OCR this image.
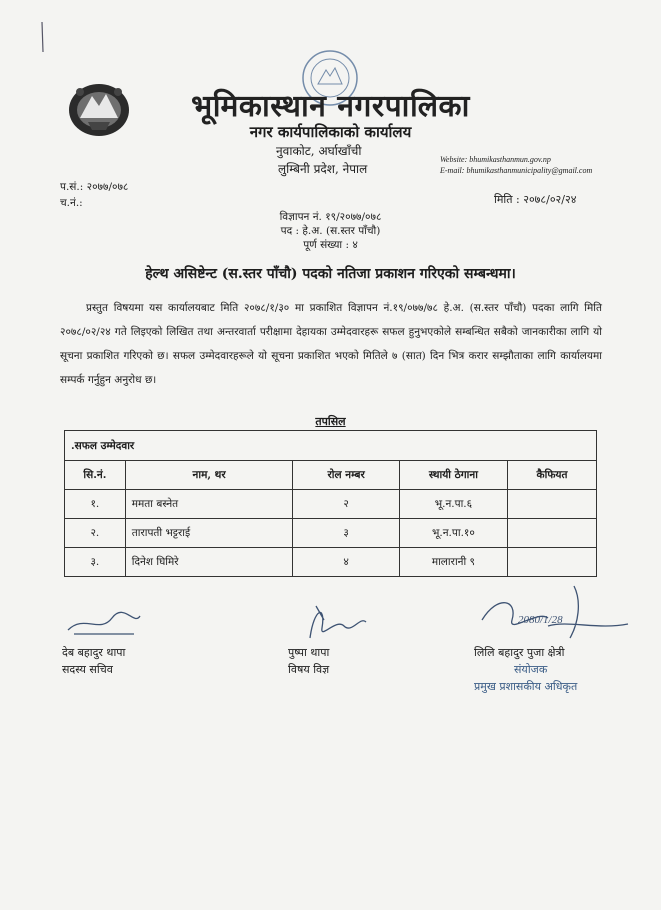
भूमिकास्थान नगरपालिका
नगर कार्यपालिकाको कार्यालय
नुवाकोट, अर्घाखाँची
लुम्बिनी प्रदेश, नेपाल
Website: bhumikasthanmun.gov.np
E-mail: bhumikasthanmunicipality@gmail.com
प.सं.: २०७७/०७८
च.नं.:	मिति : २०७८/०२/२४
विज्ञापन नं. १९/२०७७/०७८
पद : हे.अ. (स.स्तर पाँचौ)
पूर्ण संख्या : ४
हेल्थ असिष्टेन्ट (स.स्तर पाँचौ) पदको नतिजा प्रकाशन गरिएको सम्बन्धमा।
प्रस्तुत विषयमा यस कार्यालयबाट मिति २०७८/१/३० मा प्रकाशित विज्ञापन नं.१९/०७७/७८ हे.अ. (स.स्तर पाँचौ) पदका लागि मिति २०७८/०२/२४ गते लिइएको लिखित तथा अन्तरवार्ता परीक्षामा देहायका उम्मेदवारहरू सफल हुनुभएकोले सम्बन्धित सबैको जानकारीका लागि यो सूचना प्रकाशित गरिएको छ। सफल उम्मेदवारहरूले यो सूचना प्रकाशित भएको मितिले ७ (सात) दिन भित्र करार सम्झौताका लागि कार्यालयमा सम्पर्क गर्नुहुन अनुरोध छ।
तपसिल
.सफल उम्मेदवार				
सि.नं.	नाम, थर	रोल नम्बर	स्थायी ठेगाना	कैफियत
१.	ममता बस्नेत	२	भू.न.पा.६	
२.	तारापती भट्टराई	३	भू.न.पा.१०	
३.	दिनेश घिमिरे	४	मालारानी ९	
2080/1/28
देब बहादुर थापा
सदस्य सचिव
पुष्पा थापा
विषय विज्ञ
लिलि बहादुर पुजा क्षेत्री
संयोजक
प्रमुख प्रशासकीय अधिकृत
